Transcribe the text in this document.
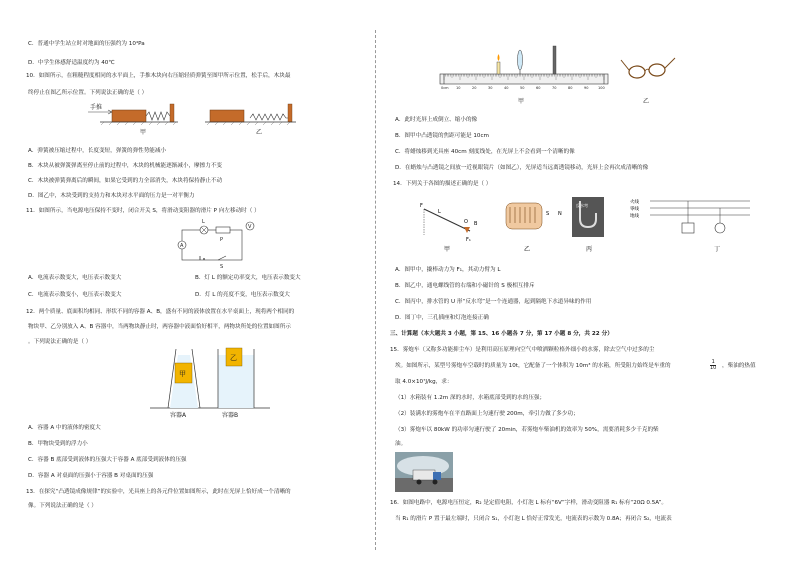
C．普通中学生站立时对地面的压强约为 10⁴Pa
D．中学生体感舒适温度约为 40℃
10．如图所示，在粗糙程度相同的水平面上，手推木块向右压缩轻质弹簧至图甲所示位置，松手后，木块最
终停止在图乙所示位置。下列说法正确的是（ ）
手推
甲	乙
A．弹簧被压缩过程中，长度变短，弹簧的弹性势能减小
B．木块从被弹簧弹离至停止前的过程中，木块的机械能逐渐减小，摩擦力不变
C．木块被弹簧弹离后的瞬间，如果它受到的力全部消失，木块将保持静止不动
D．图乙中，木块受到的支持力和木块对水平面的压力是一对平衡力
11．如图所示，当电源电压保持不变时，闭合开关 S，将滑动变阻器的滑片 P 向左移动时（ ）
L
P
V
A
S
A．电流表示数变大，电压表示数变大	B．灯 L 的额定功率变大，电压表示数变大
C．电流表示数变小，电压表示数变大	D．灯 L 的亮度不变，电压表示数变大
12．两个质量、底面积均相同、形状不同的容器 A、B，盛有不同的液体放置在水平桌面上，现将两个相同的
物块甲、乙分别放入 A、B 容器中，当两物块静止时，两容器中液面恰好相平，两物块所处的位置如图所示
。下列说法正确的是（ ）
甲
乙
容器A	容器B
A．容器 A 中的液体的密度大
B．甲物块受到的浮力小
C．容器 B 底部受到液体的压强大于容器 A 底部受到液体的压强
D．容器 A 对桌面的压强小于容器 B 对桌面的压强
13．在探究“凸透镜成像规律”的实验中，光具座上的各元件位置如图所示，此时在光屏上恰好成一个清晰的
像。下列说法正确的是（ ）
0cm 10	20	30	40	50	60	70	80	90	100
甲	乙
A．此时光屏上成倒立、缩小的像
B．图甲中凸透镜的焦距可能是 10cm
C．将蜡烛移到光具座 40cm 刻度线处，在光屏上不会看到一个清晰的像
D．在蜡烛与凸透镜之间放一近视眼镜片（如图乙），光屏适当远离透镜移动，光屏上会再次成清晰的像
14．下列关于各图的描述正确的是（ ）
F
L
O B
F₁
甲
S N
乙
反水弯
丙
火线
零线
地线
丁
A．图甲中，撬棒动力为 F₁，其动力臂为 L
B．图乙中，通电螺线管的右端和小磁针的 S 极相互排斥
C．图丙中，排水管的 U 形“反水弯”是一个连通器，起到隔绝下水道异味的作用
D．图丁中，三孔插座和灯泡连接正确
三、计算题（本大题共 3 小题，第 15、16 小题各 7 分，第 17 小题 8 分，共 22 分）
15．雾炮车（又称多功能抑尘车）是利用高压原理向空气中喷洒颗粒格外细小的水雾，除去空气中过多的尘
埃。如图所示，某型号雾炮车空载时的质量为 10t，它配备了一个体积为 10m³ 的水箱，所受阻力始终是车重的	$\frac{1}{10}$ ，柴油的热值
取 4.0×10⁷J/kg，求：
（1）水箱装有 1.2m 深的水时，水箱底部受到的水的压强；
（2）装满水的雾炮车在平直路面上匀速行驶 200m，牵引力做了多少功；
（3）雾炮车以 80kW 的功率匀速行驶了 20min，若雾炮车柴油机的效率为 50%，需要消耗多少千克的柴
油。
16．如图电路中，电源电压恒定，R₂ 是定值电阻，小灯泡 L 标有“6V”字样，滑动变阻器 R₁ 标有“20Ω 0.5A”。
当 R₁ 的滑片 P 置于最左端时，只闭合 S₁，小灯泡 L 恰好正常发光，电流表的示数为 0.8A；再闭合 S₂，电流表
